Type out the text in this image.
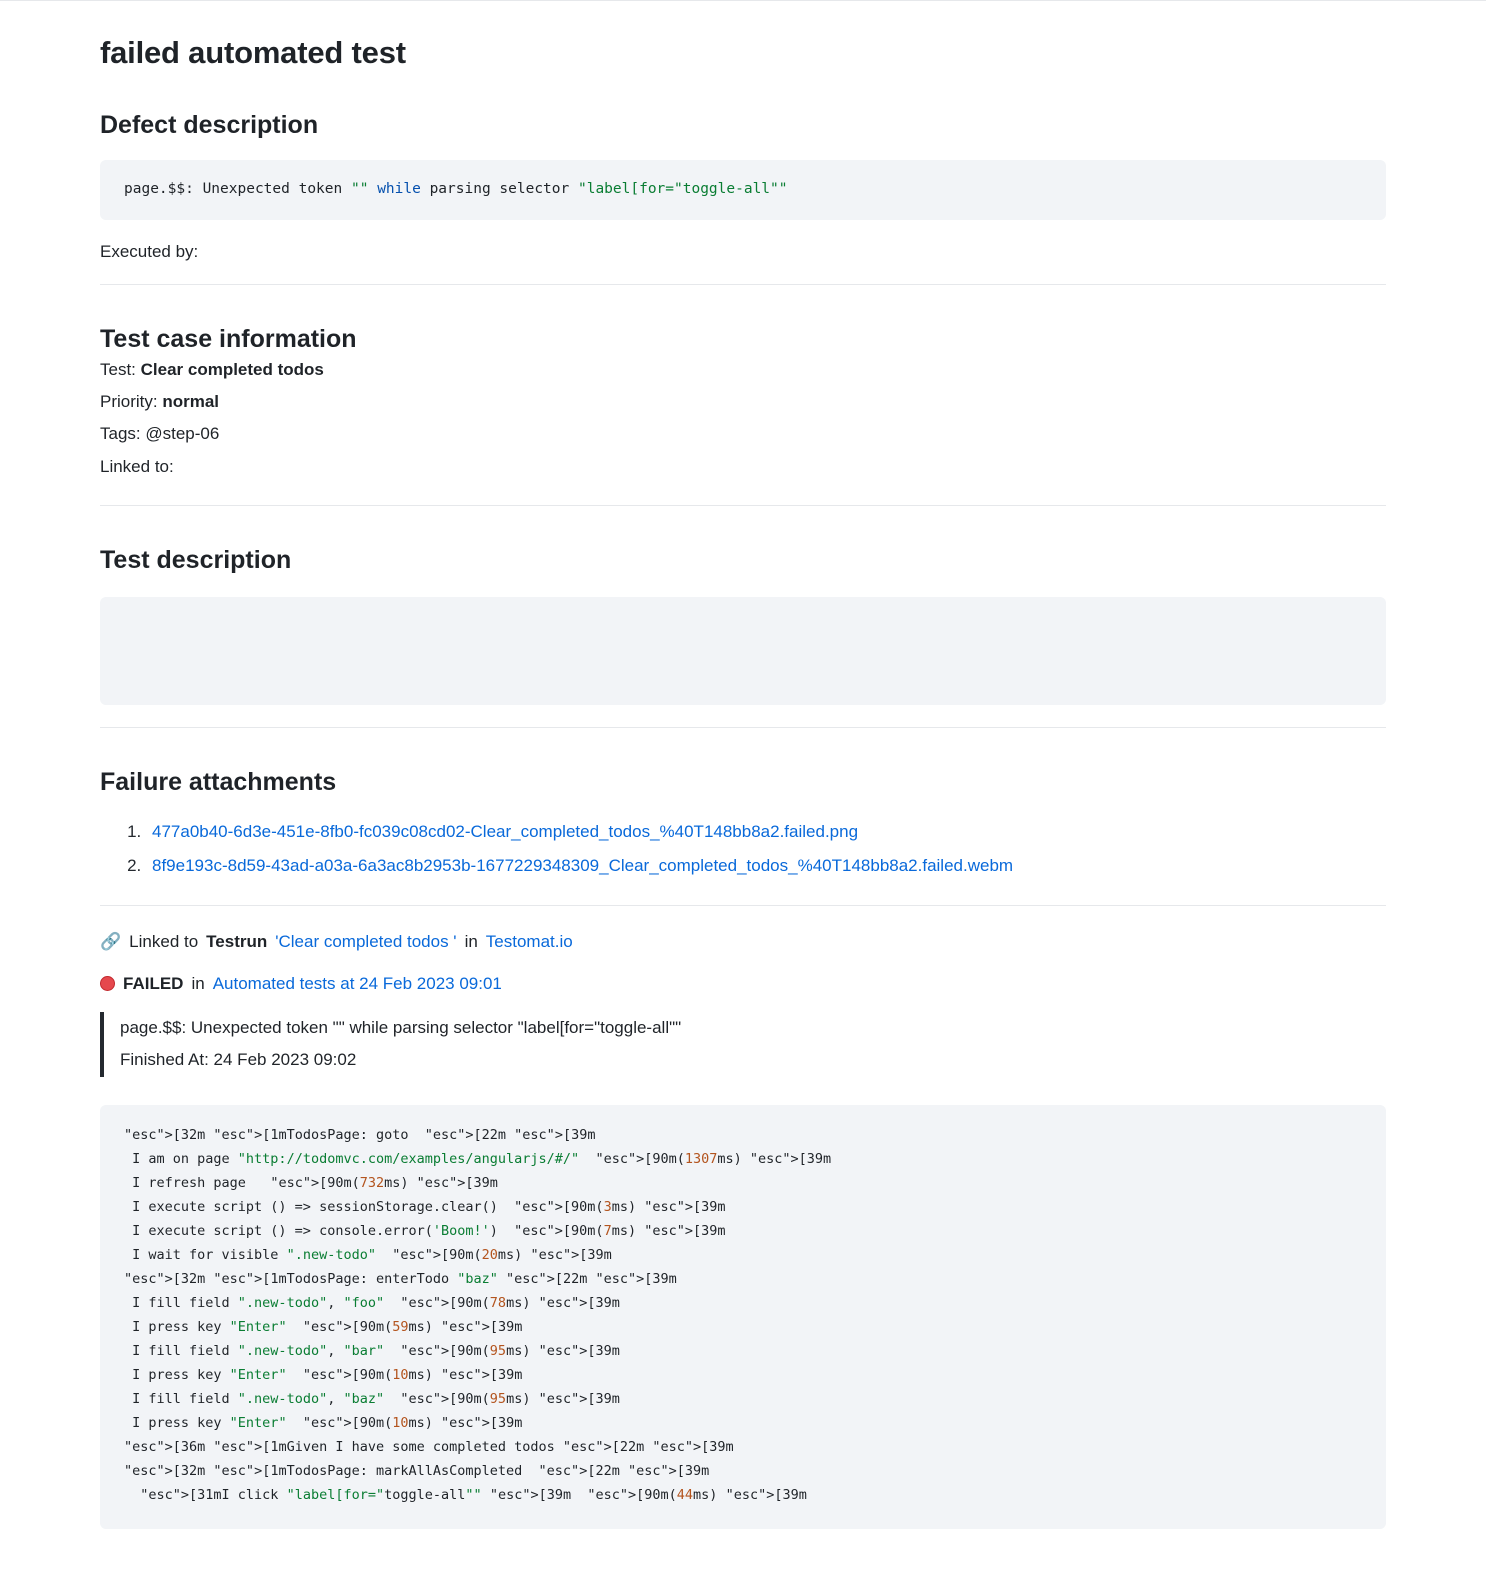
failed automated test
Defect description
page.$$: Unexpected token "" while parsing selector "label[for="toggle-all""
Executed by:
Test case information
Test: Clear completed todos
Priority: normal
Tags: @step-06
Linked to:
Test description
Failure attachments
1. 477a0b40-6d3e-451e-8fb0-fc039c08cd02-Clear_completed_todos_%40T148bb8a2.failed.png
2. 8f9e193c-8d59-43ad-a03a-6a3ac8b2953b-1677229348309_Clear_completed_todos_%40T148bb8a2.failed.webm
🔗 Linked to Testrun 'Clear completed todos ' in Testomat.io
FAILED in Automated tests at 24 Feb 2023 09:01
page.$$: Unexpected token "" while parsing selector "label[for="toggle-all""
Finished At: 24 Feb 2023 09:02
"esc">[32m "esc">[1mTodosPage: goto  "esc">[22m "esc">[39m
I am on page "http://todomvc.com/examples/angularjs/#/" "esc">[90m(1307ms) "esc">[39m
I refresh page   "esc">[90m(732ms) "esc">[39m
I execute script () => sessionStorage.clear()  "esc">[90m(3ms) "esc">[39m
I execute script () => console.error('Boom!')  "esc">[90m(7ms) "esc">[39m
I wait for visible ".new-todo" "esc">[90m(20ms) "esc">[39m
"esc">[32m "esc">[1mTodosPage: enterTodo "baz" "esc">[22m "esc">[39m
I fill field ".new-todo", "foo" "esc">[90m(78ms) "esc">[39m
I press key "Enter" "esc">[90m(59ms) "esc">[39m
I fill field ".new-todo", "bar" "esc">[90m(95ms) "esc">[39m
I press key "Enter" "esc">[90m(10ms) "esc">[39m
I fill field ".new-todo", "baz" "esc">[90m(95ms) "esc">[39m
I press key "Enter" "esc">[90m(10ms) "esc">[39m
"esc">[36m "esc">[1mGiven I have some completed todos "esc">[22m "esc">[39m
"esc">[32m "esc">[1mTodosPage: markAllAsCompleted  "esc">[22m "esc">[39m
"esc">[31mI click "label[for="toggle-all"" "esc">[39m  "esc">[90m(44ms) "esc">[39m
